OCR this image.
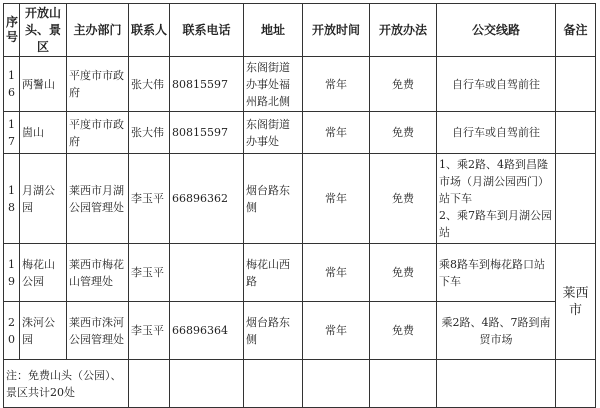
序号	开放山头、景区	主办部门	联系人	联系电话	地址	开放时间	开放办法	公交线路	备注
16	两鬐山	平度市市政府	张大伟	80815597	东阁街道办事处福州路北侧	常年	免费	自行车或自驾前往	
17	崮山	平度市市政府	张大伟	80815597	东阁街道办事处	常年	免费	自行车或自驾前往	
18	月湖公园	莱西市月湖公园管理处	李玉平	66896362	烟台路东侧	常年	免费	1、乘2路、4路到昌隆市场（月湖公园西门）站下车
2、乘7路车到月湖公园站	
19	梅花山公园	莱西市梅花山管理处	李玉平		梅花山西路	常年	免费	乘8路车到梅花路口站下车	莱西市
20	洙河公园	莱西市洙河公园管理处	李玉平	66896364	烟台路东侧	常年	免费	乘2路、4路、7路到南贸市场	
注：免费山头（公园）、景区共计20处									
